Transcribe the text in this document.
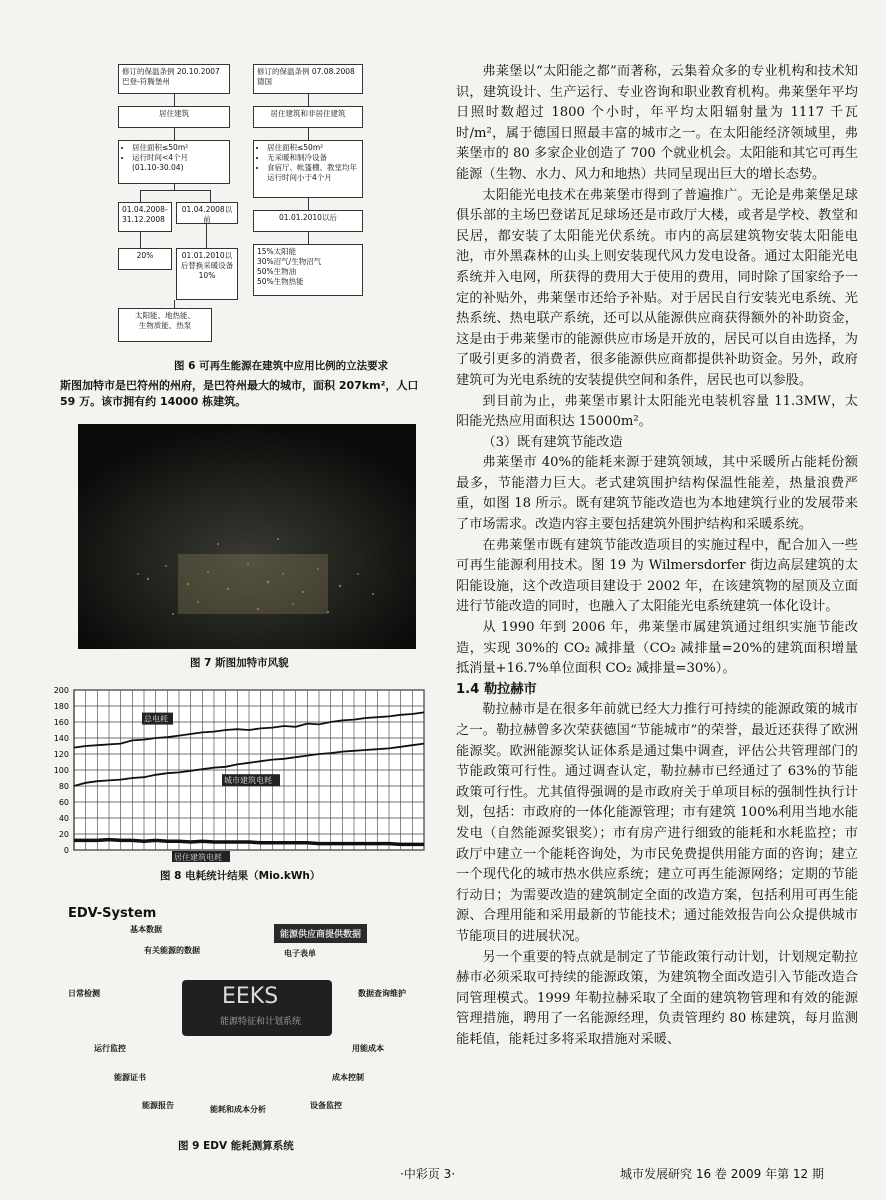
修订的保温条例 20.10.2007
巴登-符腾堡州
修订的保温条例 07.08.2008
德国
居住建筑	居住建筑和非居住建筑
• 居住面积≤50m²
• 运行时间<4个月
(01.10-30.04)
• 居住面积≤50m²
• 无采暖和制冷设备
• 食宿厅、帐篷棚、教堂均年运行时间小于4个月
01.04.2008-
31.12.2008
01.04.2008以前	01.01.2010以后
20%	01.01.2010以后替换采暖设备
10%
15%太阳能
30%沼气/生物沼气
50%生物油
50%生物热能
太阳能、地热能、
生物质能、热泵
图 6 可再生能源在建筑中应用比例的立法要求
斯图加特市是巴符州的州府，是巴符州最大的城市，面积 207km²，人口 59 万。该市拥有约 14000 栋建筑。
图 7 斯图加特市风貌
0
20
40
60
80
100
120
140
160
180
200
总电耗
城市建筑电耗
居住建筑电耗
图 8 电耗统计结果（Mio.kWh）
EDV-System
EEKS
能源特征和计划系统
能源供应商提供数据
基本数据
有关能源的数据	电子表单
日常检测	数据查询维护
运行监控	用能成本
能源证书	成本控制
能源报告	能耗和成本分析	设备监控
图 9 EDV 能耗测算系统

弗莱堡以“太阳能之都”而著称，云集着众多的专业机构和技术知识，建筑设计、生产运行、专业咨询和职业教育机构。弗莱堡年平均日照时数超过 1800 个小时，年平均太阳辐射量为 1117 千瓦时/m²，属于德国日照最丰富的城市之一。在太阳能经济领域里，弗莱堡市的 80 多家企业创造了 700 个就业机会。太阳能和其它可再生能源（生物、水力、风力和地热）共同呈现出巨大的增长态势。

太阳能光电技术在弗莱堡市得到了普遍推广。无论是弗莱堡足球俱乐部的主场巴登诺瓦足球场还是市政厅大楼，或者是学校、教堂和民居，都安装了太阳能光伏系统。市内的高层建筑物安装太阳能电池，市外黑森林的山头上则安装现代风力发电设备。通过太阳能光电系统并入电网，所获得的费用大于使用的费用，同时除了国家给予一定的补贴外，弗莱堡市还给予补贴。对于居民自行安装光电系统、光热系统、热电联产系统，还可以从能源供应商获得额外的补助资金，这是由于弗莱堡市的能源供应市场是开放的，居民可以自由选择，为了吸引更多的消费者，很多能源供应商都提供补助资金。另外，政府建筑可为光电系统的安装提供空间和条件，居民也可以参股。

到目前为止，弗莱堡市累计太阳能光电装机容量 11.3MW，太阳能光热应用面积达 15000m²。

（3）既有建筑节能改造

弗莱堡市 40%的能耗来源于建筑领域，其中采暖所占能耗份额最多，节能潜力巨大。老式建筑围护结构保温性能差，热量浪费严重，如图 18 所示。既有建筑节能改造也为本地建筑行业的发展带来了市场需求。改造内容主要包括建筑外围护结构和采暖系统。

在弗莱堡市既有建筑节能改造项目的实施过程中，配合加入一些可再生能源利用技术。图 19 为 Wilmersdorfer 街边高层建筑的太阳能设施，这个改造项目建设于 2002 年，在该建筑物的屋顶及立面进行节能改造的同时，也融入了太阳能光电系统建筑一体化设计。

从 1990 年到 2006 年，弗莱堡市属建筑通过组织实施节能改造，实现 30%的 CO₂ 减排量（CO₂ 减排量=20%的建筑面积增量抵消量+16.7%单位面积 CO₂ 减排量=30%）。

1.4 勒拉赫市

勒拉赫市是在很多年前就已经大力推行可持续的能源政策的城市之一。勒拉赫曾多次荣获德国“节能城市”的荣誉，最近还获得了欧洲能源奖。欧洲能源奖认证体系是通过集中调查，评估公共管理部门的节能政策可行性。通过调查认定，勒拉赫市已经通过了 63%的节能政策可行性。尤其值得强调的是市政府关于单项目标的强制性执行计划，包括：市政府的一体化能源管理；市有建筑 100%利用当地水能发电（自然能源奖银奖）；市有房产进行细致的能耗和水耗监控；市政厅中建立一个能耗咨询处，为市民免费提供用能方面的咨询；建立一个现代化的城市热水供应系统；建立可再生能源网络；定期的节能行动日；为需要改造的建筑制定全面的改造方案，包括利用可再生能源、合理用能和采用最新的节能技术；通过能效报告向公众提供城市节能项目的进展状况。

另一个重要的特点就是制定了节能政策行动计划，计划规定勒拉赫市必须采取可持续的能源政策，为建筑物全面改造引入节能改造合同管理模式。1999 年勒拉赫采取了全面的建筑物管理和有效的能源管理措施，聘用了一名能源经理，负责管理约 80 栋建筑，每月监测能耗值，能耗过多将采取措施对采暖、

·中彩页 3·	城市发展研究 16 卷 2009 年第 12 期
